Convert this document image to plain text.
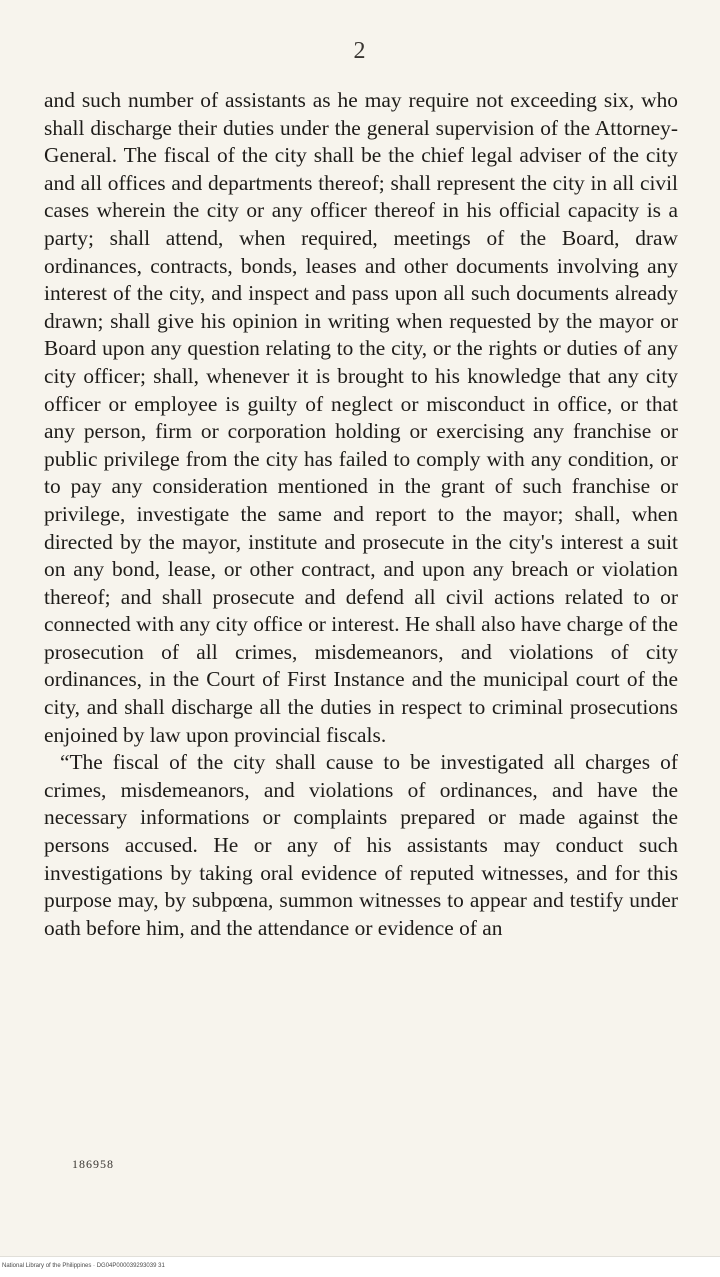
2

and such number of assistants as he may require not exceeding six, who shall discharge their duties under the general supervision of the Attorney-General. The fiscal of the city shall be the chief legal adviser of the city and all offices and departments thereof; shall represent the city in all civil cases wherein the city or any officer thereof in his official capacity is a party; shall attend, when required, meetings of the Board, draw ordinances, contracts, bonds, leases and other documents involving any interest of the city, and inspect and pass upon all such documents already drawn; shall give his opinion in writing when requested by the mayor or Board upon any question relating to the city, or the rights or duties of any city officer; shall, whenever it is brought to his knowledge that any city officer or employee is guilty of neglect or misconduct in office, or that any person, firm or corporation holding or exercising any franchise or public privilege from the city has failed to comply with any condition, or to pay any consideration mentioned in the grant of such franchise or privilege, investigate the same and report to the mayor; shall, when directed by the mayor, institute and prosecute in the city's interest a suit on any bond, lease, or other contract, and upon any breach or violation thereof; and shall prosecute and defend all civil actions related to or connected with any city office or interest. He shall also have charge of the prosecution of all crimes, misdemeanors, and violations of city ordinances, in the Court of First Instance and the municipal court of the city, and shall discharge all the duties in respect to criminal prosecutions enjoined by law upon provincial fiscals.

“The fiscal of the city shall cause to be investigated all charges of crimes, misdemeanors, and violations of ordinances, and have the necessary informations or complaints prepared or made against the persons accused. He or any of his assistants may conduct such investigations by taking oral evidence of reputed witnesses, and for this purpose may, by subpœna, summon witnesses to appear and testify under oath before him, and the attendance or evidence of an

186958
National Library of the Philippines · DG04P000039293039 31
